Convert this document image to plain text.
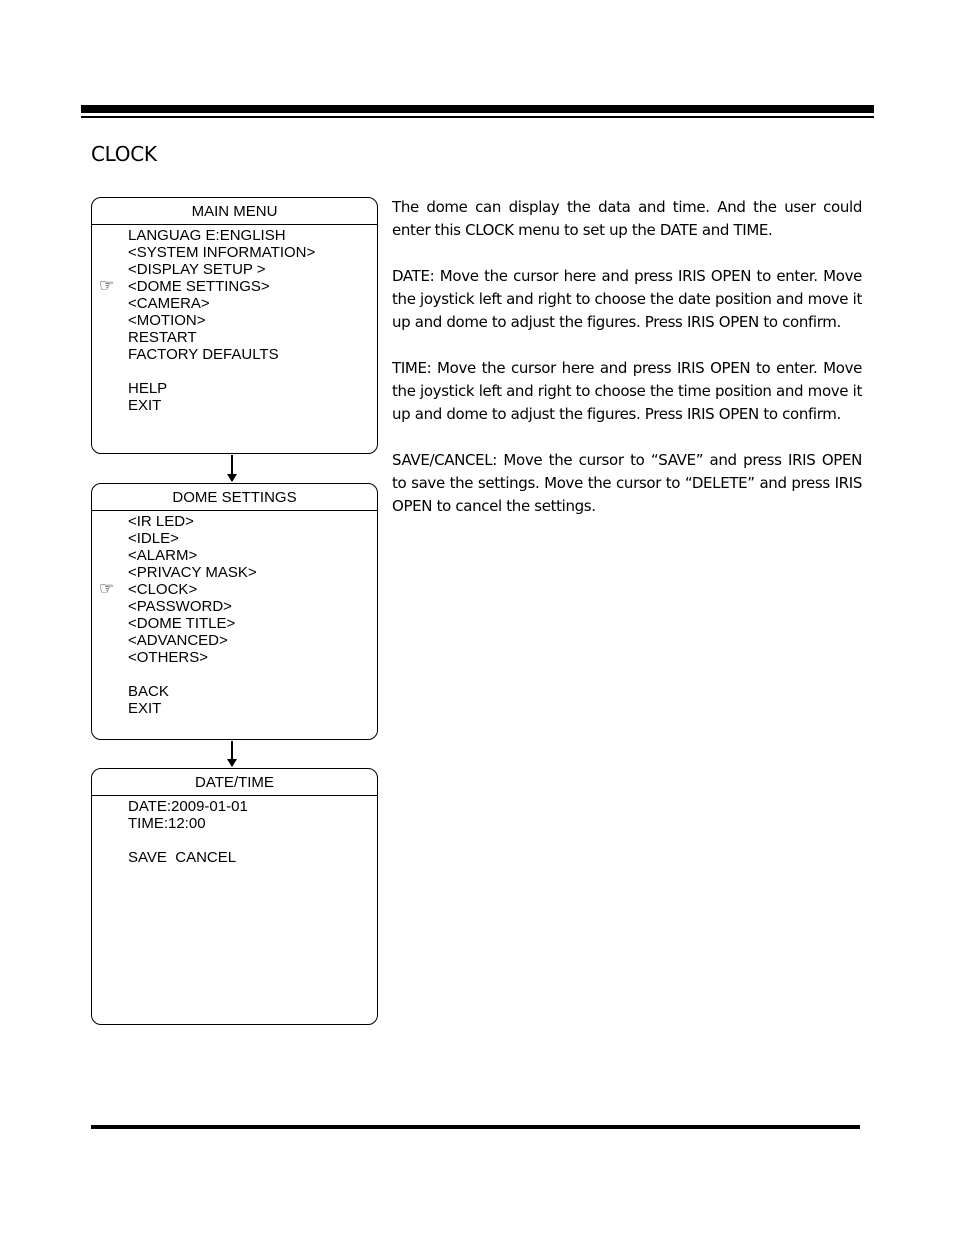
CLOCK
MAIN MENU
LANGUAG E:ENGLISH
<SYSTEM INFORMATION>
<DISPLAY SETUP >
☞ <DOME SETTINGS>
<CAMERA>
<MOTION>
RESTART
FACTORY DEFAULTS
HELP
EXIT
DOME SETTINGS
<IR LED>
<IDLE>
<ALARM>
<PRIVACY MASK>
☞ <CLOCK>
<PASSWORD>
<DOME TITLE>
<ADVANCED>
<OTHERS>
BACK
EXIT
DATE/TIME
DATE:2009-01-01
TIME:12:00
SAVE  CANCEL

The dome can display the data and time. And the user could enter this CLOCK menu to set up the DATE and TIME.

DATE: Move the cursor here and press IRIS OPEN to enter. Move the joystick left and right to choose the date position and move it up and dome to adjust the figures. Press IRIS OPEN to confirm.

TIME: Move the cursor here and press IRIS OPEN to enter. Move the joystick left and right to choose the time position and move it up and dome to adjust the figures. Press IRIS OPEN to confirm.

SAVE/CANCEL: Move the cursor to “SAVE” and press IRIS OPEN to save the settings. Move the cursor to “DELETE” and press IRIS OPEN to cancel the settings.
